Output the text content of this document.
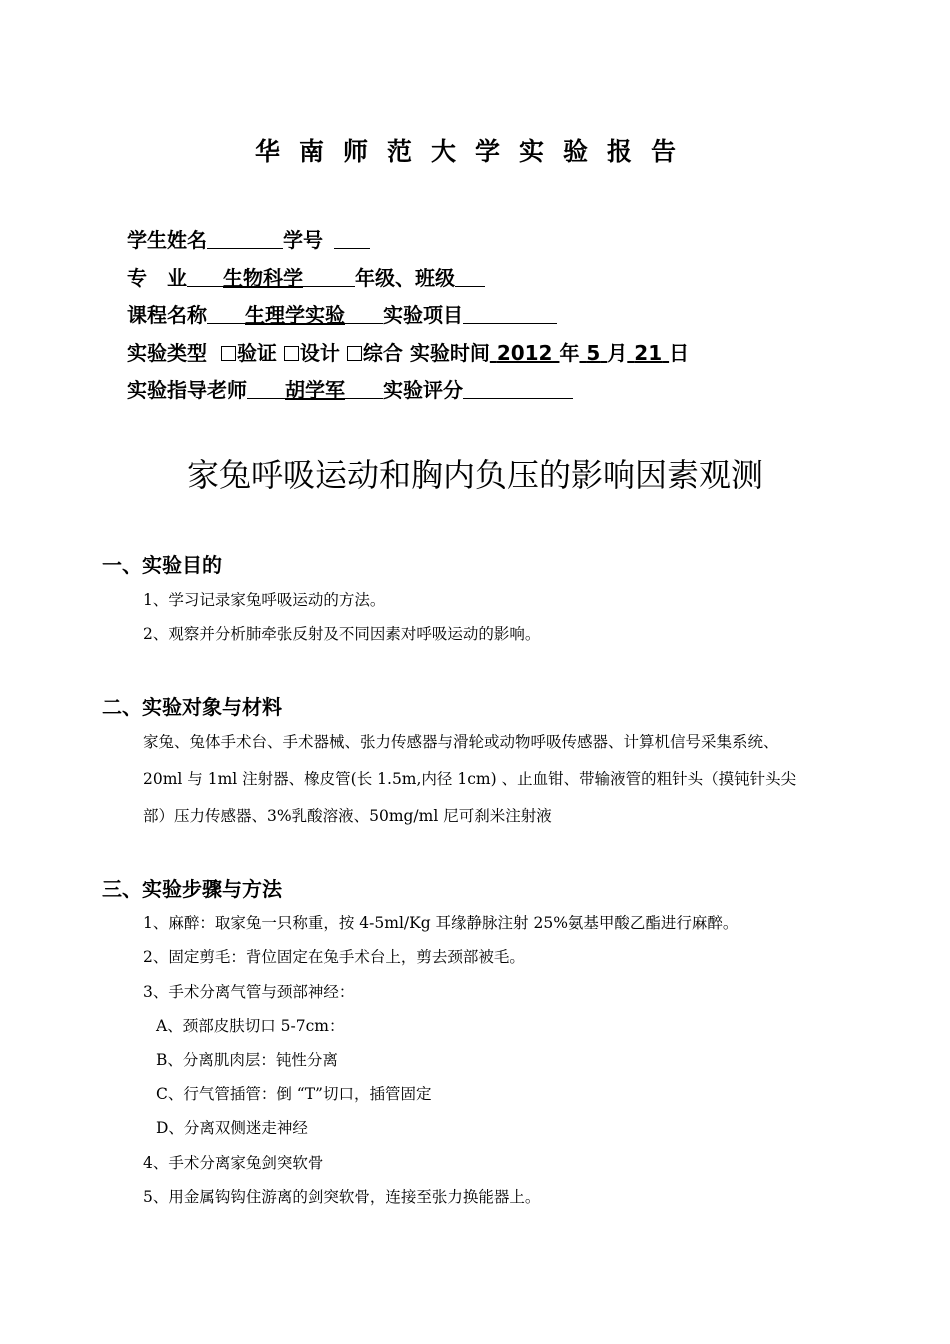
华南师范大学实验报告
学生姓名	学号
专　业 生物科学	年级、班级
课程名称 生理学实验 实验项目
实验类型 验证 设计 综合 实验时间 2012 年 5 月 21 日
实验指导老师 胡学军 实验评分
家兔呼吸运动和胸内负压的影响因素观测
一、实验目的
1、学习记录家兔呼吸运动的方法。
2、观察并分析肺牵张反射及不同因素对呼吸运动的影响。
二、实验对象与材料
家兔、兔体手术台、手术器械、张力传感器与滑轮或动物呼吸传感器、计算机信号采集系统、
20ml 与 1ml 注射器、橡皮管(长 1.5m,内径 1cm) 、止血钳、带输液管的粗针头（摸钝针头尖
部）压力传感器、3%乳酸溶液、50mg/ml 尼可刹米注射液
三、实验步骤与方法
1、麻醉：取家兔一只称重，按 4-5ml/Kg 耳缘静脉注射 25%氨基甲酸乙酯进行麻醉。
2、固定剪毛：背位固定在兔手术台上，剪去颈部被毛。
3、手术分离气管与颈部神经：
A、颈部皮肤切口 5-7cm：
B、分离肌肉层：钝性分离
C、行气管插管：倒 “T”切口，插管固定
D、分离双侧迷走神经
4、手术分离家兔剑突软骨
5、用金属钩钩住游离的剑突软骨，连接至张力换能器上。
